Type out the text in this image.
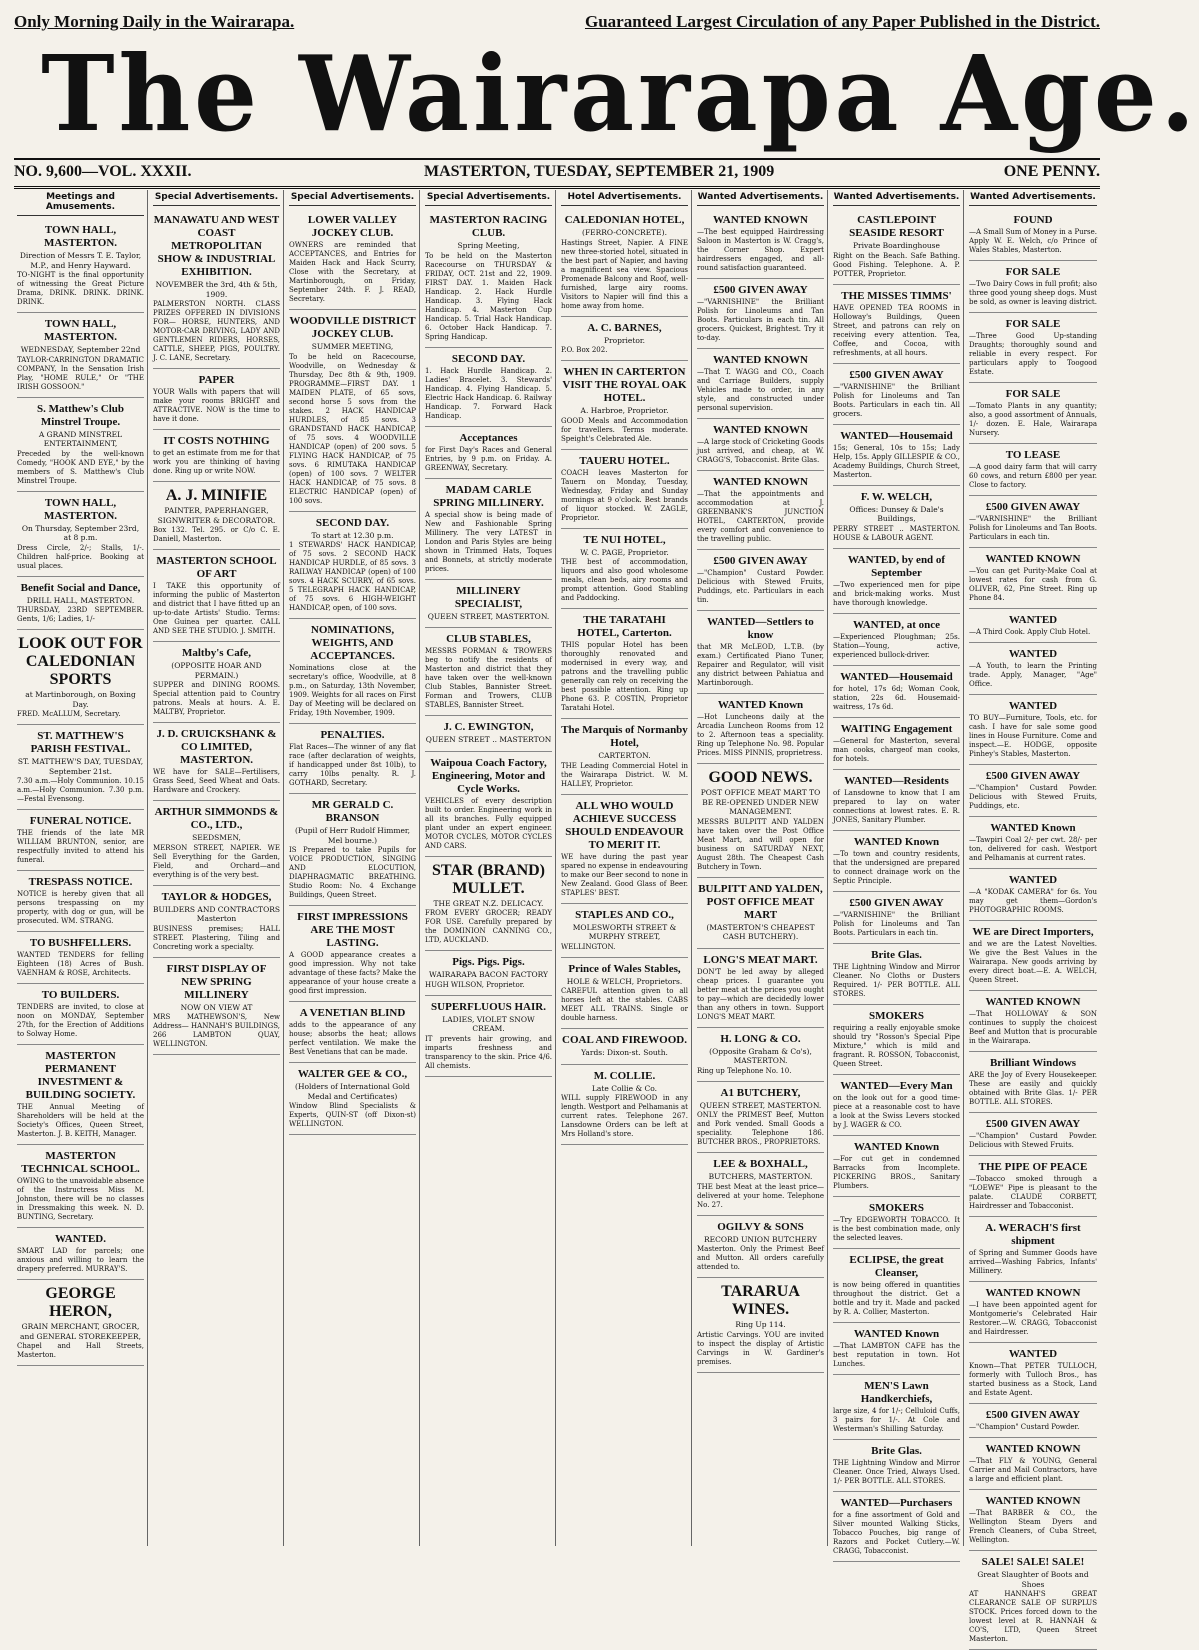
Only Morning Daily in the Wairarapa.	Guaranteed Largest Circulation of any Paper Published in the District.
The Wairarapa Age.
NO. 9,600—VOL. XXXII.	MASTERTON, TUESDAY, SEPTEMBER 21, 1909	ONE PENNY.
Meetings and Amusements.
TOWN HALL, MASTERTON.
Direction of Messrs T. E. Taylor, M.P., and Henry Hayward.
TO-NIGHT is the final opportunity of witnessing the Great Picture Drama, DRINK. DRINK. DRINK. DRINK.
TOWN HALL, MASTERTON.
WEDNESDAY, September 22nd
TAYLOR-CARRINGTON DRAMATIC COMPANY, In the Sensation Irish Play, "HOME RULE," Or "THE IRISH GOSSOON."
S. Matthew's Club Minstrel Troupe.
A GRAND MINSTREL ENTERTAINMENT,
Preceded by the well-known Comedy, "HOOK AND EYE," by the members of S. Matthew's Club Minstrel Troupe.
TOWN HALL, MASTERTON.
On Thursday, September 23rd, at 8 p.m.
Dress Circle, 2/-; Stalls, 1/-. Children half-price. Booking at usual places.
Benefit Social and Dance,
DRILL HALL, MASTERTON.
THURSDAY, 23RD SEPTEMBER. Gents, 1/6; Ladies, 1/-
LOOK OUT FOR CALEDONIAN SPORTS
at Martinborough, on Boxing Day.
FRED. McALLUM, Secretary.
ST. MATTHEW'S PARISH FESTIVAL.
ST. MATTHEW'S DAY, TUESDAY, September 21st.
7.30 a.m.—Holy Communion. 10.15 a.m.—Holy Communion. 7.30 p.m.—Festal Evensong.
FUNERAL NOTICE.
THE friends of the late MR WILLIAM BRUNTON, senior, are respectfully invited to attend his funeral.
TRESPASS NOTICE.
NOTICE is hereby given that all persons trespassing on my property, with dog or gun, will be prosecuted. WM. STRANG.
TO BUSHFELLERS.
WANTED TENDERS for felling Eighteen (18) Acres of Bush. VAENHAM & ROSE, Architects.
TO BUILDERS.
TENDERS are invited, to close at noon on MONDAY, September 27th, for the Erection of Additions to Solway Home.
MASTERTON PERMANENT INVESTMENT & BUILDING SOCIETY.
THE Annual Meeting of Shareholders will be held at the Society's Offices, Queen Street, Masterton. J. B. KEITH, Manager.
MASTERTON TECHNICAL SCHOOL.
OWING to the unavoidable absence of the Instructress Miss M. Johnston, there will be no classes in Dressmaking this week. N. D. BUNTING, Secretary.
WANTED.
SMART LAD for parcels; one anxious and willing to learn the drapery preferred. MURRAY'S.
GEORGE HERON,
GRAIN MERCHANT, GROCER, and GENERAL STOREKEEPER,
Chapel and Hall Streets, Masterton.
Special Advertisements.
MANAWATU AND WEST COAST METROPOLITAN SHOW & INDUSTRIAL EXHIBITION.
NOVEMBER the 3rd, 4th & 5th, 1909.
PALMERSTON NORTH. CLASS PRIZES OFFERED IN DIVISIONS FOR— HORSE, HUNTERS, AND MOTOR-CAR DRIVING, LADY AND GENTLEMEN RIDERS, HORSES, CATTLE, SHEEP, PIGS, POULTRY. J. C. LANE, Secretary.
PAPER
YOUR Walls with papers that will make your rooms BRIGHT and ATTRACTIVE. NOW is the time to have it done.
IT COSTS NOTHING
to get an estimate from me for that work you are thinking of having done. Ring up or write NOW.
A. J. MINIFIE
PAINTER, PAPERHANGER, SIGNWRITER & DECORATOR.
Box 132. Tel. 295. or C/o C. E. Daniell, Masterton.
MASTERTON SCHOOL OF ART
I TAKE this opportunity of informing the public of Masterton and district that I have fitted up an up-to-date Artists' Studio. Terms: One Guinea per quarter. CALL AND SEE THE STUDIO. J. SMITH.
Maltby's Cafe,
(OPPOSITE HOAR AND PERMAIN.)
SUPPER and DINING ROOMS. Special attention paid to Country patrons. Meals at hours. A. E. MALTBY, Proprietor.
J. D. CRUICKSHANK & CO LIMITED, MASTERTON.
WE have for SALE—Fertilisers, Grass Seed, Seed Wheat and Oats. Hardware and Crockery.
ARTHUR SIMMONDS & CO., LTD.,
SEEDSMEN,
MERSON STREET, NAPIER. WE Sell Everything for the Garden, Field, and Orchard—and everything is of the very best.
TAYLOR & HODGES,
BUILDERS AND CONTRACTORS Masterton
BUSINESS premises; HALL STREET. Plastering, Tiling and Concreting work a specialty.
FIRST DISPLAY OF NEW SPRING MILLINERY
NOW ON VIEW AT
MRS MATHEWSON'S, New Address— HANNAH'S BUILDINGS, 266 LAMBTON QUAY, WELLINGTON.
Special Advertisements.
LOWER VALLEY JOCKEY CLUB.
OWNERS are reminded that ACCEPTANCES, and Entries for Maiden Hack and Hack Scurry, Close with the Secretary, at Martinborough, on Friday, September 24th. F. J. READ, Secretary.
WOODVILLE DISTRICT JOCKEY CLUB.
SUMMER MEETING,
To be held on Racecourse, Woodville, on Wednesday & Thursday, Dec 8th & 9th, 1909. PROGRAMME—FIRST DAY. 1 MAIDEN PLATE, of 65 sovs, second horse 5 sovs from the stakes. 2 HACK HANDICAP HURDLES, of 85 sovs. 3 GRANDSTAND HACK HANDICAP, of 75 sovs. 4 WOODVILLE HANDICAP (open) of 200 sovs. 5 FLYING HACK HANDICAP, of 75 sovs. 6 RIMUTAKA HANDICAP (open) of 100 sovs. 7 WELTER HACK HANDICAP, of 75 sovs. 8 ELECTRIC HANDICAP (open) of 100 sovs.
SECOND DAY.
To start at 12.30 p.m.
1 STEWARDS' HACK HANDICAP, of 75 sovs. 2 SECOND HACK HANDICAP HURDLE, of 85 sovs. 3 RAILWAY HANDICAP (open) of 100 sovs. 4 HACK SCURRY, of 65 sovs. 5 TELEGRAPH HACK HANDICAP, of 75 sovs. 6 HIGH-WEIGHT HANDICAP, open, of 100 sovs.
NOMINATIONS, WEIGHTS, AND ACCEPTANCES.
Nominations close at the secretary's office, Woodville, at 8 p.m., on Saturday, 13th November, 1909. Weights for all races on First Day of Meeting will be declared on Friday, 19th November, 1909.
PENALTIES.
Flat Races—The winner of any flat race (after declaration of weights, if handicapped under 8st 10lb), to carry 10lbs penalty. R. J. GOTHARD, Secretary.
MR GERALD C. BRANSON
(Pupil of Herr Rudolf Himmer, Mel bourne.)
IS Prepared to take Pupils for VOICE PRODUCTION, SINGING AND ELOCUTION, DIAPHRAGMATIC BREATHING. Studio Room: No. 4 Exchange Buildings, Queen Street.
FIRST IMPRESSIONS ARE THE MOST LASTING.
A GOOD appearance creates a good impression. Why not take advantage of these facts? Make the appearance of your house create a good first impression.
A VENETIAN BLIND
adds to the appearance of any house; absorbs the heat; allows perfect ventilation. We make the Best Venetians that can be made.
WALTER GEE & CO.,
(Holders of International Gold Medal and Certificates)
Window Blind Specialists & Experts, QUIN-ST (off Dixon-st) WELLINGTON.
Special Advertisements.
MASTERTON RACING CLUB.
Spring Meeting,
To be held on the Masterton Racecourse on THURSDAY & FRIDAY, OCT. 21st and 22, 1909. FIRST DAY. 1. Maiden Hack Handicap. 2. Hack Hurdle Handicap. 3. Flying Hack Handicap. 4. Masterton Cup Handicap. 5. Trial Hack Handicap. 6. October Hack Handicap. 7. Spring Handicap.
SECOND DAY.
1. Hack Hurdle Handicap. 2. Ladies' Bracelet. 3. Stewards' Handicap. 4. Flying Handicap. 5. Electric Hack Handicap. 6. Railway Handicap. 7. Forward Hack Handicap.
Acceptances
for First Day's Races and General Entries, by 9 p.m. on Friday. A. GREENWAY, Secretary.
MADAM CARLE SPRING MILLINERY.
A special show is being made of New and Fashionable Spring Millinery. The very LATEST in London and Paris Styles are being shown in Trimmed Hats, Toques and Bonnets, at strictly moderate prices.
MILLINERY SPECIALIST,
QUEEN STREET, MASTERTON.
CLUB STABLES,
MESSRS FORMAN & TROWERS beg to notify the residents of Masterton and district that they have taken over the well-known Club Stables, Bannister Street. Forman and Trowers, CLUB STABLES, Bannister Street.
J. C. EWINGTON,
QUEEN STREET .. MASTERTON
Waipoua Coach Factory, Engineering, Motor and Cycle Works.
VEHICLES of every description built to order. Engineering work in all its branches. Fully equipped plant under an expert engineer. MOTOR CYCLES, MOTOR CYCLES AND CARS.
STAR (BRAND) MULLET.
THE GREAT N.Z. DELICACY.
FROM EVERY GROCER; READY FOR USE. Carefully prepared by the DOMINION CANNING CO., LTD, AUCKLAND.
Pigs. Pigs. Pigs.
WAIRARAPA BACON FACTORY
HUGH WILSON, Proprietor.
SUPERFLUOUS HAIR.
LADIES, VIOLET SNOW CREAM.
IT prevents hair growing, and imparts freshness and transparency to the skin. Price 4/6. All chemists.
Hotel Advertisements.
CALEDONIAN HOTEL,
(FERRO-CONCRETE).
Hastings Street, Napier. A FINE new three-storied hotel, situated in the best part of Napier, and having a magnificent sea view. Spacious Promenade Balcony and Roof, well-furnished, large airy rooms. Visitors to Napier will find this a home away from home.
A. C. BARNES,
Proprietor.
P.O. Box 202.
WHEN IN CARTERTON VISIT THE ROYAL OAK HOTEL.
A. Harbroe, Proprietor.
GOOD Meals and Accommodation for travellers. Terms moderate. Speight's Celebrated Ale.
TAUERU HOTEL.
COACH leaves Masterton for Tauern on Monday, Tuesday, Wednesday, Friday and Sunday mornings at 9 o'clock. Best brands of liquor stocked. W. ZAGLE, Proprietor.
TE NUI HOTEL,
W. C. PAGE, Proprietor.
THE best of accommodation, liquors and also good wholesome meals, clean beds, airy rooms and prompt attention. Good Stabling and Paddocking.
THE TARATAHI HOTEL, Carterton.
THIS popular Hotel has been thoroughly renovated and modernised in every way, and patrons and the travelling public generally can rely on receiving the best possible attention. Ring up Phone 63. P. COSTIN, Proprietor Taratahi Hotel.
The Marquis of Normanby Hotel,
CARTERTON.
THE Leading Commercial Hotel in the Wairarapa District. W. M. HALLEY, Proprietor.
ALL WHO WOULD ACHIEVE SUCCESS SHOULD ENDEAVOUR TO MERIT IT.
WE have during the past year spared no expense in endeavouring to make our Beer second to none in New Zealand. Good Glass of Beer. STAPLES' BEST.
STAPLES AND CO.,
MOLESWORTH STREET & MURPHY STREET,
WELLINGTON.
Prince of Wales Stables,
HOLE & WELCH, Proprietors.
CAREFUL attention given to all horses left at the stables. CABS MEET ALL TRAINS. Single or double harness.
COAL AND FIREWOOD.
Yards: Dixon-st. South.
M. COLLIE.
Late Collie & Co.
WILL supply FIREWOOD in any length. Westport and Pelhamanis at current rates. Telephone 267. Lansdowne Orders can be left at Mrs Holland's store.
Wanted Advertisements.
WANTED KNOWN
—The best equipped Hairdressing Saloon in Masterton is W. Cragg's, the Corner Shop. Expert hairdressers engaged, and all-round satisfaction guaranteed.
£500 GIVEN AWAY
—"VARNISHINE" the Brilliant Polish for Linoleums and Tan Boots. Particulars in each tin. All grocers. Quickest, Brightest. Try it to-day.
WANTED KNOWN
—That T. WAGG and CO., Coach and Carriage Builders, supply Vehicles made to order, in any style, and constructed under personal supervision.
WANTED KNOWN
—A large stock of Cricketing Goods just arrived, and cheap, at W. CRAGG'S, Tobacconist. Brite Glas.
WANTED KNOWN
—That the appointments and accommodation at J. GREENBANK'S JUNCTION HOTEL, CARTERTON, provide every comfort and convenience to the travelling public.
£500 GIVEN AWAY
—"Champion" Custard Powder. Delicious with Stewed Fruits, Puddings, etc. Particulars in each tin.
WANTED—Settlers to know
that MR McLEOD, L.T.B. (by exam.) Certificated Piano Tuner, Repairer and Regulator, will visit any district between Pahiatua and Martinborough.
WANTED Known
—Hot Luncheons daily at the Arcadia Luncheon Rooms from 12 to 2. Afternoon teas a speciality. Ring up Telephone No. 98. Popular Prices. MISS PINNIS, proprietress.
GOOD NEWS.
POST OFFICE MEAT MART TO BE RE-OPENED UNDER NEW MANAGEMENT.
MESSRS BULPITT AND YALDEN have taken over the Post Office Meat Mart, and will open for business on SATURDAY NEXT, August 28th. The Cheapest Cash Butchery in Town.
BULPITT AND YALDEN, POST OFFICE MEAT MART
(MASTERTON'S CHEAPEST CASH BUTCHERY).
LONG'S MEAT MART.
DON'T be led away by alleged cheap prices. I guarantee you better meat at the prices you ought to pay—which are decidedly lower than any others in town. Support LONG'S MEAT MART.
H. LONG & CO.
(Opposite Graham & Co's), MASTERTON.
Ring up Telephone No. 10.
A1 BUTCHERY,
QUEEN STREET, MASTERTON.
ONLY the PRIMEST Beef, Mutton and Pork vended. Small Goods a speciality. Telephone 186. BUTCHER BROS., PROPRIETORS.
LEE & BOXHALL,
BUTCHERS, MASTERTON.
THE best Meat at the least price—delivered at your home. Telephone No. 27.
OGILVY & SONS
RECORD UNION BUTCHERY
Masterton. Only the Primest Beef and Mutton. All orders carefully attended to.
TARARUA WINES.
Ring Up 114.
Artistic Carvings. YOU are invited to inspect the display of Artistic Carvings in W. Gardiner's premises.
Wanted Advertisements.
CASTLEPOINT SEASIDE RESORT
Private Boardinghouse
Right on the Beach. Safe Bathing. Good Fishing. Telephone. A. P. POTTER, Proprietor.
THE MISSES TIMMS'
HAVE OPENED TEA ROOMS in Holloway's Buildings, Queen Street, and patrons can rely on receiving every attention. Tea, Coffee, and Cocoa, with refreshments, at all hours.
£500 GIVEN AWAY
—"VARNISHINE" the Brilliant Polish for Linoleums and Tan Boots. Particulars in each tin. All grocers.
WANTED—Housemaid
15s; General, 10s to 15s; Lady Help, 15s. Apply GILLESPIE & CO., Academy Buildings, Church Street, Masterton.
F. W. WELCH,
Offices: Dunsey & Dale's Buildings,
PERRY STREET .. MASTERTON. HOUSE & LABOUR AGENT.
WANTED, by end of September
—Two experienced men for pipe and brick-making works. Must have thorough knowledge.
WANTED, at once
—Experienced Ploughman; 25s. Station—Young, active, experienced bullock-driver.
WANTED—Housemaid
for hotel, 17s 6d; Woman Cook, station, 22s 6d. Housemaid-waitress, 17s 6d.
WAITING Engagement
—General for Masterton, several man cooks, chargeof man cooks, for hotels.
WANTED—Residents
of Lansdowne to know that I am prepared to lay on water connections at lowest rates. E. R. JONES, Sanitary Plumber.
WANTED Known
—To town and country residents, that the undersigned are prepared to connect drainage work on the Septic Principle.
£500 GIVEN AWAY
—"VARNISHINE" the Brilliant Polish for Linoleums and Tan Boots. Particulars in each tin.
Brite Glas.
THE Lightning Window and Mirror Cleaner. No Cloths or Dusters Required. 1/- PER BOTTLE. ALL STORES.
SMOKERS
requiring a really enjoyable smoke should try "Rosson's Special Pipe Mixture," which is mild and fragrant. R. ROSSON, Tobacconist, Queen Street.
WANTED—Every Man
on the look out for a good time-piece at a reasonable cost to have a look at the Swiss Levers stocked by J. WAGER & CO.
WANTED Known
—For cut get in condemned Barracks from Incomplete. PICKERING BROS., Sanitary Plumbers.
SMOKERS
—Try EDGEWORTH TOBACCO. It is the best combination made, only the selected leaves.
ECLIPSE, the great Cleanser,
is now being offered in quantities throughout the district. Get a bottle and try it. Made and packed by R. A. Collier, Masterton.
WANTED Known
—That LAMBTON CAFE has the best reputation in town. Hot Lunches.
MEN'S Lawn Handkerchiefs,
large size, 4 for 1/-; Celluloid Cuffs, 3 pairs for 1/-. At Cole and Westerman's Shilling Saturday.
Brite Glas.
THE Lightning Window and Mirror Cleaner. Once Tried, Always Used. 1/- PER BOTTLE. ALL STORES.
WANTED—Purchasers
for a fine assortment of Gold and Silver mounted Walking Sticks, Tobacco Pouches, big range of Razors and Pocket Cutlery.—W. CRAGG, Tobacconist.
Wanted Advertisements.
FOUND
—A Small Sum of Money in a Purse. Apply W. E. Welch, c/o Prince of Wales Stables, Masterton.
FOR SALE
—Two Dairy Cows in full profit; also three good young sheep dogs. Must be sold, as owner is leaving district.
FOR SALE
—Three Good Up-standing Draughts; thoroughly sound and reliable in every respect. For particulars apply to Toogood Estate.
FOR SALE
—Tomato Plants in any quantity; also, a good assortment of Annuals, 1/- dozen. E. Hale, Wairarapa Nursery.
TO LEASE
—A good dairy farm that will carry 60 cows, and return £800 per year. Close to factory.
£500 GIVEN AWAY
—"VARNISHINE" the Brilliant Polish for Linoleums and Tan Boots. Particulars in each tin.
WANTED KNOWN
—You can get Purity-Make Coal at lowest rates for cash from G. OLIVER, 62, Pine Street. Ring up Phone 84.
WANTED
—A Third Cook. Apply Club Hotel.
WANTED
—A Youth, to learn the Printing trade. Apply, Manager, "Age" Office.
WANTED
TO BUY—Furniture, Tools, etc. for cash. I have for sale some good lines in House Furniture. Come and inspect.—E. HODGE, opposite Pinhey's Stables, Masterton.
£500 GIVEN AWAY
—"Champion" Custard Powder. Delicious with Stewed Fruits, Puddings, etc.
WANTED Known
—Tawpiri Coal 2/- per cwt. 28/- per ton, delivered for cash. Westport and Pelhamanis at current rates.
WANTED
—A "KODAK CAMERA" for 6s. You may get them—Gordon's PHOTOGRAPHIC ROOMS.
WE are Direct Importers,
and we are the Latest Novelties. We give the Best Values in the Wairarapa. New goods arriving by every direct boat.—E. A. WELCH, Queen Street.
WANTED KNOWN
—That HOLLOWAY & SON continues to supply the choicest Beef and Mutton that is procurable in the Wairarapa.
Brilliant Windows
ARE the Joy of Every Housekeeper. These are easily and quickly obtained with Brite Glas. 1/- PER BOTTLE. ALL STORES.
£500 GIVEN AWAY
—"Champion" Custard Powder. Delicious with Stewed Fruits.
THE PIPE OF PEACE
—Tobacco smoked through a "LOEWE" Pipe is pleasant to the palate. CLAUDE CORBETT, Hairdresser and Tobacconist.
A. WERACH'S first shipment
of Spring and Summer Goods have arrived—Washing Fabrics, Infants' Millinery.
WANTED KNOWN
—I have been appointed agent for Montgomerie's Celebrated Hair Restorer.—W. CRAGG, Tobacconist and Hairdresser.
WANTED
Known—That PETER TULLOCH, formerly with Tulloch Bros., has started business as a Stock, Land and Estate Agent.
£500 GIVEN AWAY
—"Champion" Custard Powder.
WANTED KNOWN
—That FLY & YOUNG, General Carrier and Mail Contractors, have a large and efficient plant.
WANTED KNOWN
—That BARBER & CO., the Wellington Steam Dyers and French Cleaners, of Cuba Street, Wellington.
SALE! SALE! SALE!
Great Slaughter of Boots and Shoes
AT HANNAH'S GREAT CLEARANCE SALE OF SURPLUS STOCK. Prices forced down to the lowest level at R. HANNAH & CO'S, LTD, Queen Street Masterton.
